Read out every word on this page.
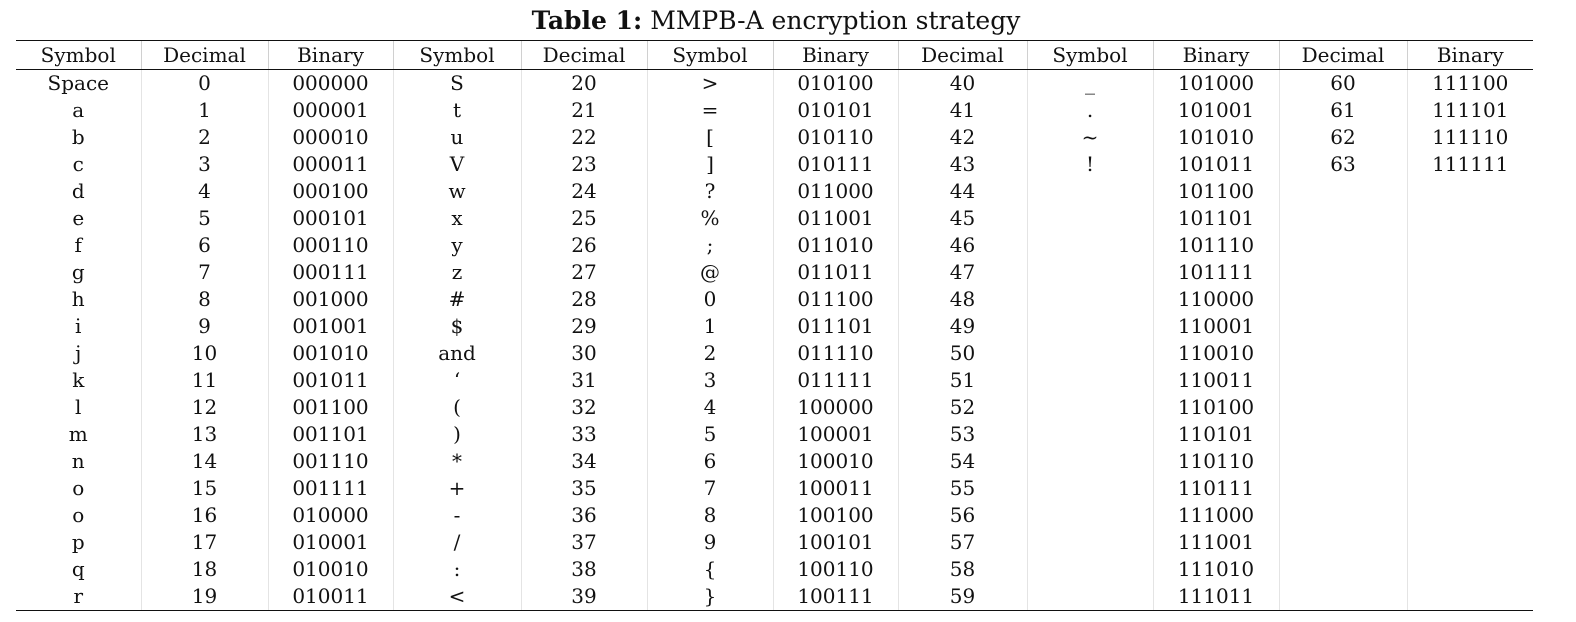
Table 1: MMPB-A encryption strategy
Symbol	Decimal	Binary	Symbol	Decimal	Symbol	Binary	Decimal	Symbol	Binary	Decimal	Binary
Space	0	000000	S	20	>	010100	40	_	101000	60	111100
a	1	000001	t	21	=	010101	41	.	101001	61	111101
b	2	000010	u	22	[	010110	42	~	101010	62	111110
c	3	000011	V	23	]	010111	43	!	101011	63	111111
d	4	000100	w	24	?	011000	44		101100		
e	5	000101	x	25	%	011001	45		101101		
f	6	000110	y	26	;	011010	46		101110		
g	7	000111	z	27	@	011011	47		101111		
h	8	001000	#	28	0	011100	48		110000		
i	9	001001	$	29	1	011101	49		110001		
j	10	001010	and	30	2	011110	50		110010		
k	11	001011	‘	31	3	011111	51		110011		
l	12	001100	(	32	4	100000	52		110100		
m	13	001101	)	33	5	100001	53		110101		
n	14	001110	*	34	6	100010	54		110110		
o	15	001111	+	35	7	100011	55		110111		
o	16	010000	-	36	8	100100	56		111000		
p	17	010001	/	37	9	100101	57		111001		
q	18	010010	:	38	{	100110	58		111010		
r	19	010011	<	39	}	100111	59		111011		
